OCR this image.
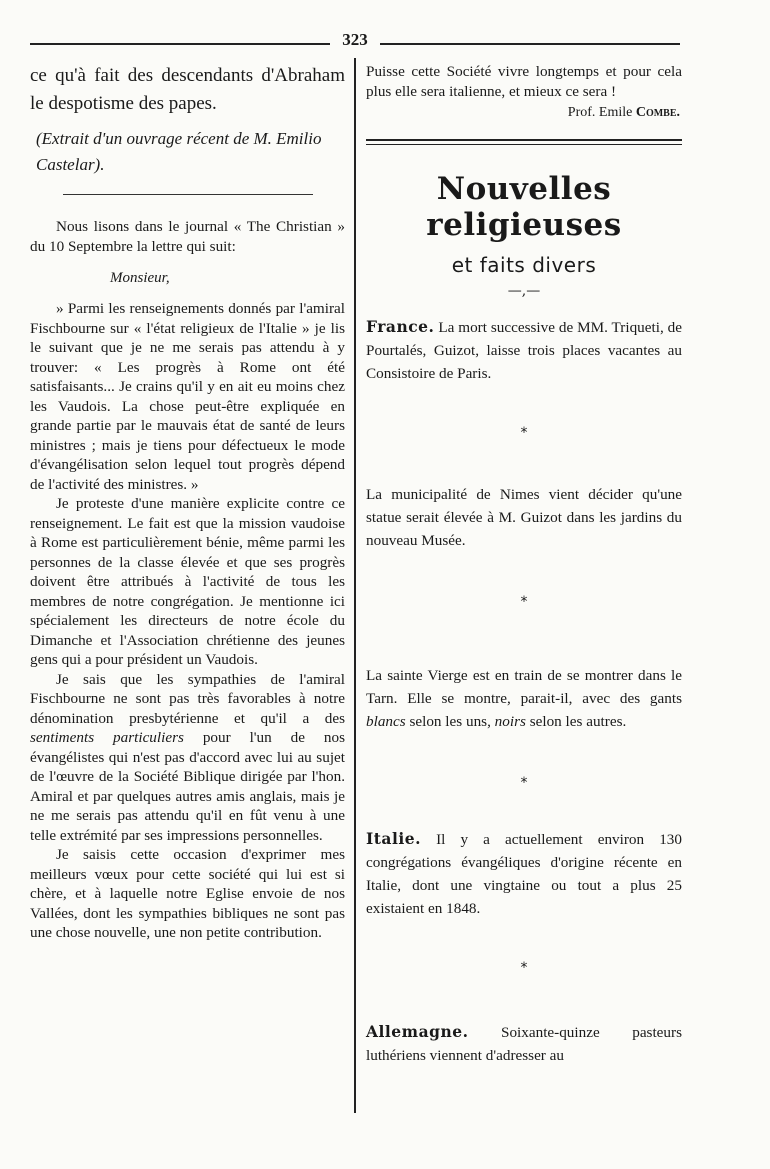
323

ce qu'à fait des descendants d'Abraham le despotisme des papes.

(Extrait d'un ouvrage récent de M. Emilio Castelar).

Nous lisons dans le journal « The Christian » du 10 Septembre la lettre qui suit:

Monsieur,

» Parmi les renseignements donnés par l'amiral Fischbourne sur « l'état religieux de l'Italie » je lis le suivant que je ne me serais pas attendu à y trouver: « Les progrès à Rome ont été satisfaisants... Je crains qu'il y en ait eu moins chez les Vaudois. La chose peut-être expliquée en grande partie par le mauvais état de santé de leurs ministres ; mais je tiens pour défectueux le mode d'évangélisation selon lequel tout progrès dépend de l'activité des ministres. »

Je proteste d'une manière explicite contre ce renseignement. Le fait est que la mission vaudoise à Rome est particulièrement bénie, même parmi les personnes de la classe élevée et que ses progrès doivent être attribués à l'activité de tous les membres de notre congrégation. Je mentionne ici spécialement les directeurs de notre école du Dimanche et l'Association chrétienne des jeunes gens qui a pour président un Vaudois.

Je sais que les sympathies de l'amiral Fischbourne ne sont pas très favorables à notre dénomination presbytérienne et qu'il a des sentiments particuliers pour l'un de nos évangélistes qui n'est pas d'accord avec lui au sujet de l'œuvre de la Société Biblique dirigée par l'hon. Amiral et par quelques autres amis anglais, mais je ne me serais pas attendu qu'il en fût venu à une telle extrémité par ses impressions personnelles.

Je saisis cette occasion d'exprimer mes meilleurs vœux pour cette société qui lui est si chère, et à laquelle notre Eglise envoie de nos Vallées, dont les sympathies bibliques ne sont pas une chose nouvelle, une non petite contribution.

Puisse cette Société vivre longtemps et pour cela plus elle sera italienne, et mieux ce sera !

Prof. Emile Combe.

Nouvelles religieuses
et faits divers
—,—

France. La mort successive de MM. Triqueti, de Pourtalés, Guizot, laisse trois places vacantes au Consistoire de Paris.

*

La municipalité de Nimes vient décider qu'une statue serait élevée à M. Guizot dans les jardins du nouveau Musée.

*

La sainte Vierge est en train de se montrer dans le Tarn. Elle se montre, parait-il, avec des gants blancs selon les uns, noirs selon les autres.

*

Italie. Il y a actuellement environ 130 congrégations évangéliques d'origine récente en Italie, dont une vingtaine ou tout a plus 25 existaient en 1848.

*

Allemagne. Soixante-quinze pasteurs luthériens viennent d'adresser au
